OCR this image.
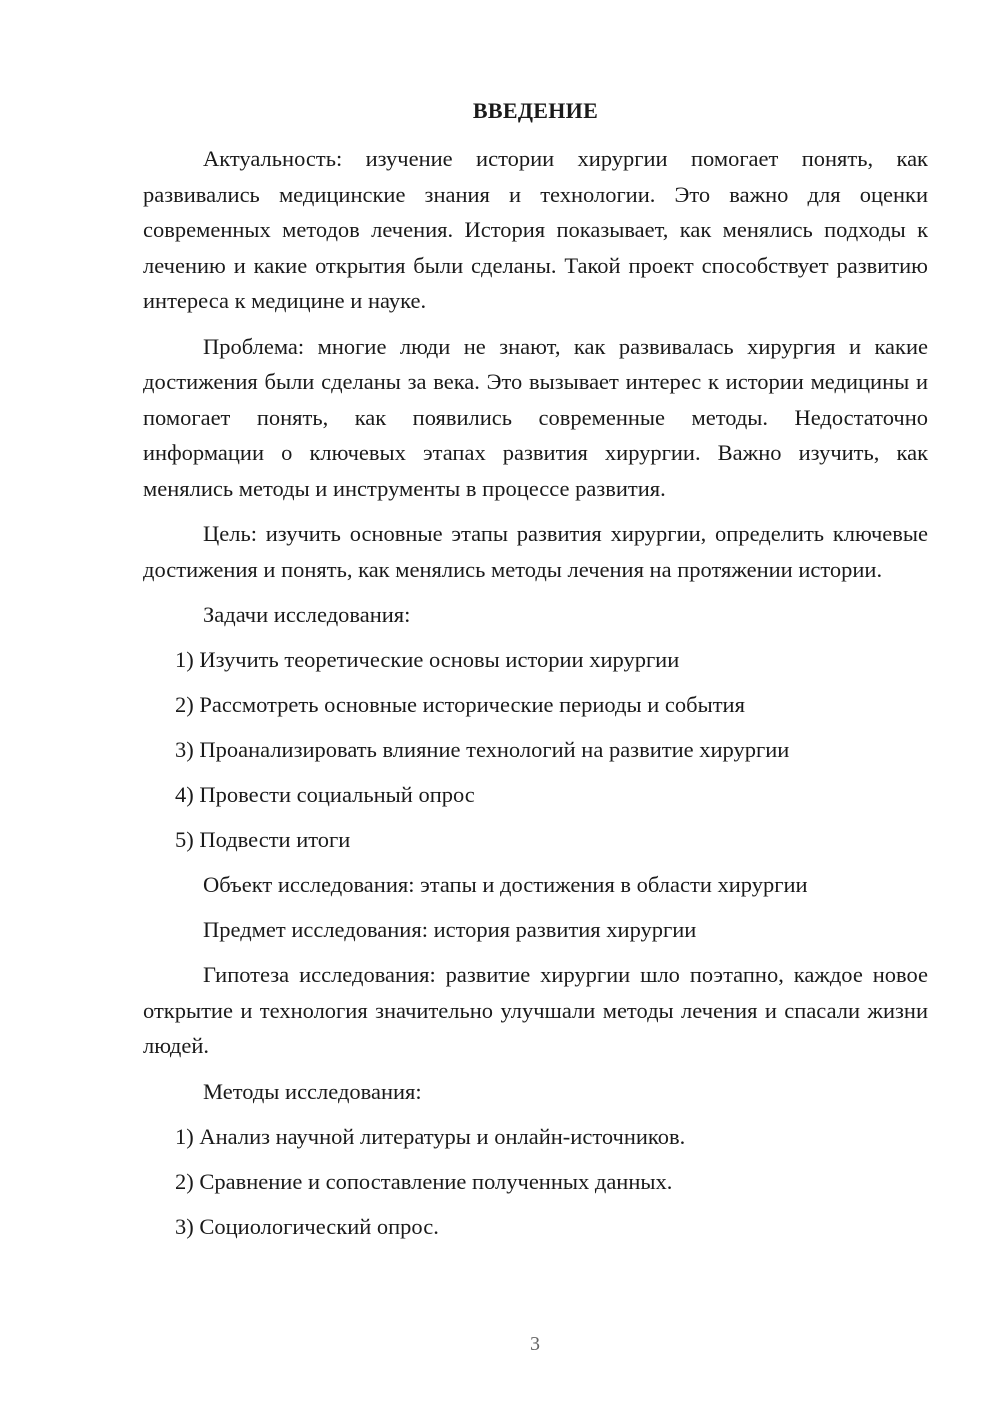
ВВЕДЕНИЕ

Актуальность: изучение истории хирургии помогает понять, как развивались медицинские знания и технологии. Это важно для оценки современных методов лечения. История показывает, как менялись подходы к лечению и какие открытия были сделаны. Такой проект способствует развитию интереса к медицине и науке.

Проблема: многие люди не знают, как развивалась хирургия и какие достижения были сделаны за века. Это вызывает интерес к истории медицины и помогает понять, как появились современные методы. Недостаточно информации о ключевых этапах развития хирургии. Важно изучить, как менялись методы и инструменты в процессе развития.

Цель: изучить основные этапы развития хирургии, определить ключевые достижения и понять, как менялись методы лечения на протяжении истории.

Задачи исследования:
1) Изучить теоретические основы истории хирургии
2) Рассмотреть основные исторические периоды и события
3) Проанализировать влияние технологий на развитие хирургии
4) Провести социальный опрос
5) Подвести итоги
Объект исследования: этапы и достижения в области хирургии
Предмет исследования: история развития хирургии

Гипотеза исследования: развитие хирургии шло поэтапно, каждое новое открытие и технология значительно улучшали методы лечения и спасали жизни людей.

Методы исследования:
1) Анализ научной литературы и онлайн-источников.
2) Сравнение и сопоставление полученных данных.
3) Социологический опрос.
3
